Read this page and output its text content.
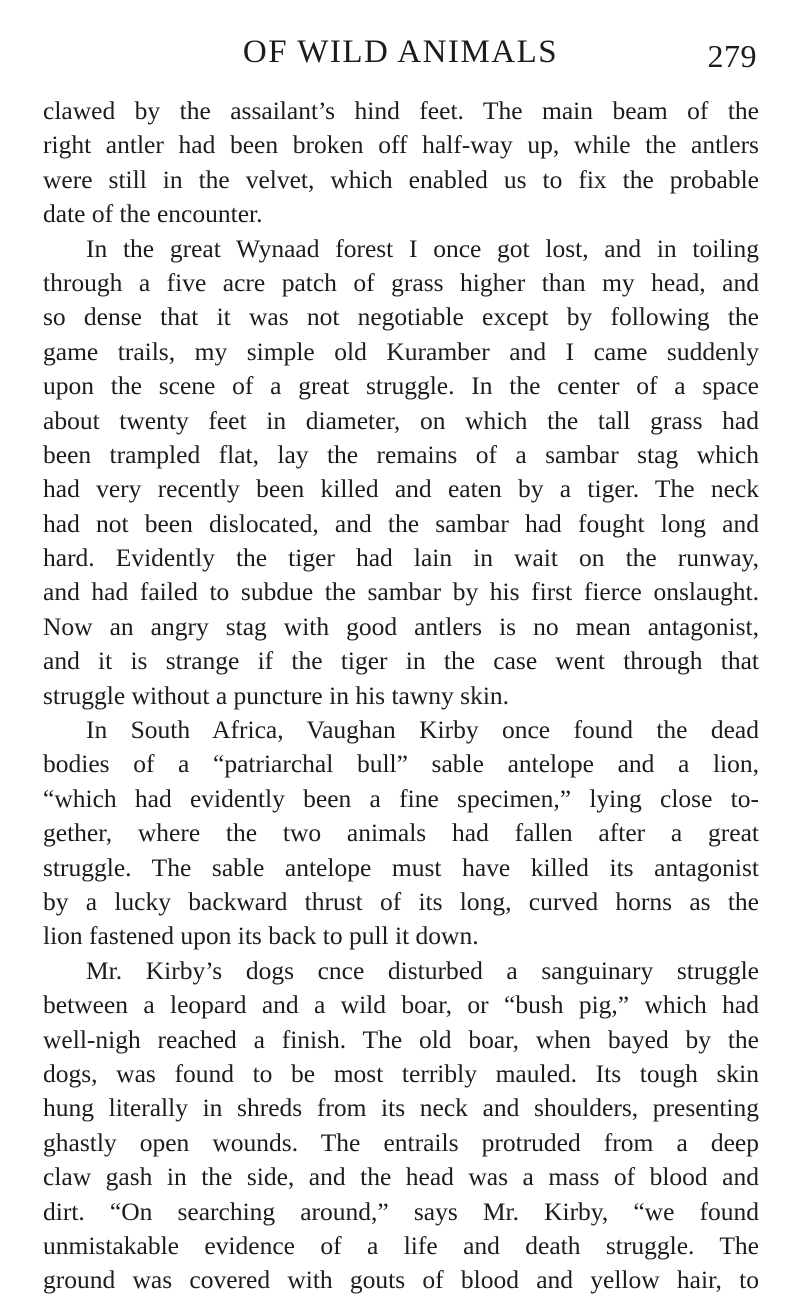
OF WILD ANIMALS	279
clawed by the assailant’s hind feet. The main beam of the
right antler had been broken off half-way up, while the antlers
were still in the velvet, which enabled us to fix the probable
date of the encounter.
In the great Wynaad forest I once got lost, and in toiling
through a five acre patch of grass higher than my head, and
so dense that it was not negotiable except by following the
game trails, my simple old Kuramber and I came suddenly
upon the scene of a great struggle. In the center of a space
about twenty feet in diameter, on which the tall grass had
been trampled flat, lay the remains of a sambar stag which
had very recently been killed and eaten by a tiger. The neck
had not been dislocated, and the sambar had fought long and
hard. Evidently the tiger had lain in wait on the runway,
and had failed to subdue the sambar by his first fierce onslaught.
Now an angry stag with good antlers is no mean antagonist,
and it is strange if the tiger in the case went through that
struggle without a puncture in his tawny skin.
In South Africa, Vaughan Kirby once found the dead
bodies of a “patriarchal bull” sable antelope and a lion,
“which had evidently been a fine specimen,” lying close to-
gether, where the two animals had fallen after a great
struggle. The sable antelope must have killed its antagonist
by a lucky backward thrust of its long, curved horns as the
lion fastened upon its back to pull it down.
Mr. Kirby’s dogs cnce disturbed a sanguinary struggle
between a leopard and a wild boar, or “bush pig,” which had
well-nigh reached a finish. The old boar, when bayed by the
dogs, was found to be most terribly mauled. Its tough skin
hung literally in shreds from its neck and shoulders, presenting
ghastly open wounds. The entrails protruded from a deep
claw gash in the side, and the head was a mass of blood and
dirt. “On searching around,” says Mr. Kirby, “we found
unmistakable evidence of a life and death struggle. The
ground was covered with gouts of blood and yellow hair, to
